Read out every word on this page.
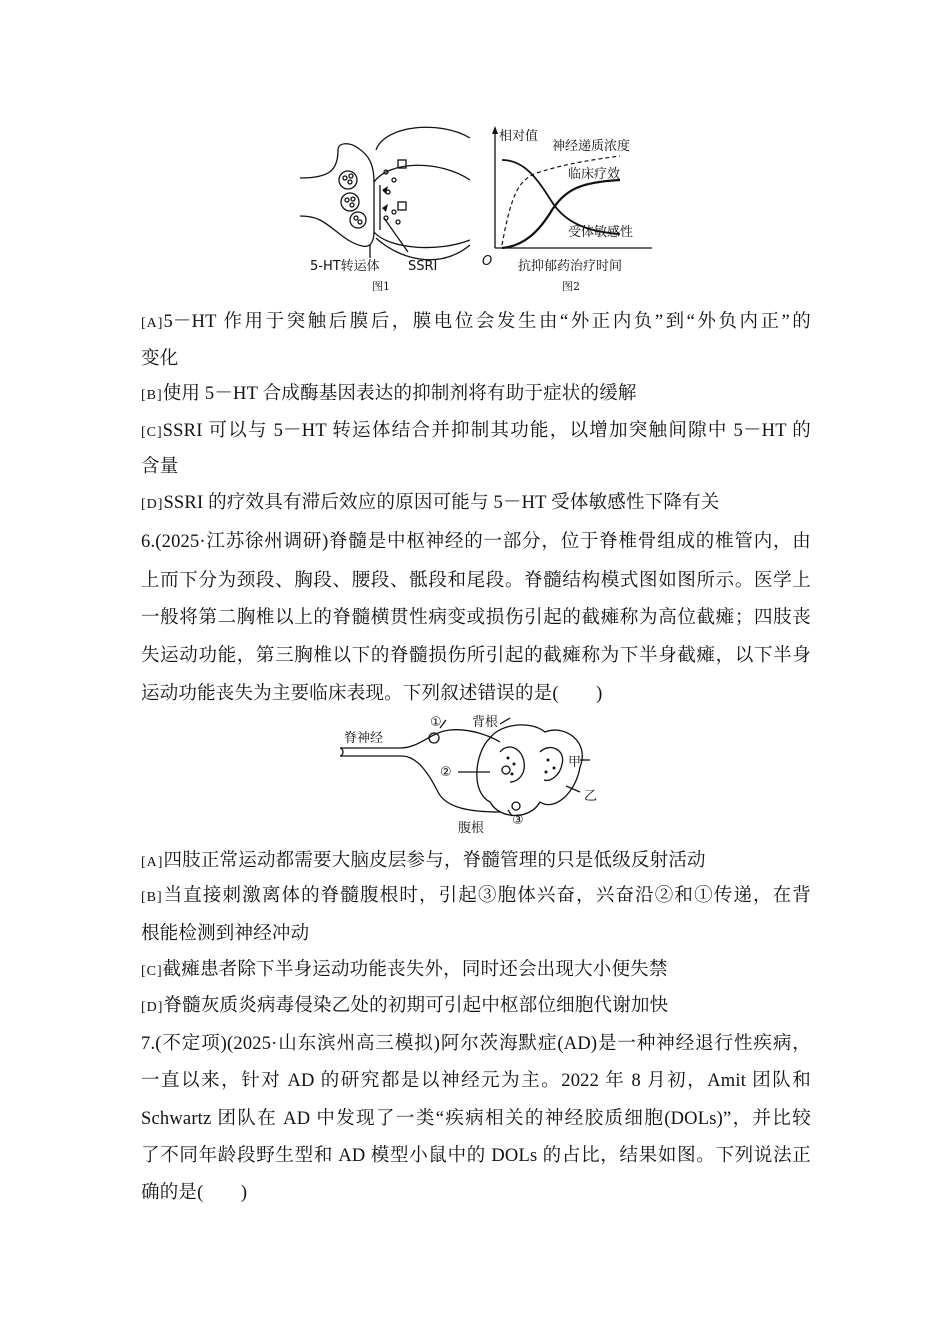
5-HT转运体 SSRI
图1
相对值
O 抗抑郁药治疗时间
神经递质浓度
临床疗效
受体敏感性
图2
[A]5－HT 作用于突触后膜后，膜电位会发生由“外正内负”到“外负内正”的
变化
[B]使用 5－HT 合成酶基因表达的抑制剂将有助于症状的缓解
[C]SSRI 可以与 5－HT 转运体结合并抑制其功能，以增加突触间隙中 5－HT 的
含量
[D]SSRI 的疗效具有滞后效应的原因可能与 5－HT 受体敏感性下降有关
6.(2025·江苏徐州调研)脊髓是中枢神经的一部分，位于脊椎骨组成的椎管内，由
上而下分为颈段、胸段、腰段、骶段和尾段。脊髓结构模式图如图所示。医学上
一般将第二胸椎以上的脊髓横贯性病变或损伤引起的截瘫称为高位截瘫；四肢丧
失运动功能，第三胸椎以下的脊髓损伤所引起的截瘫称为下半身截瘫，以下半身
运动功能丧失为主要临床表现。下列叙述错误的是(　　)
脊神经
① 背根
②
甲
乙
腹根
③
[A]四肢正常运动都需要大脑皮层参与，脊髓管理的只是低级反射活动
[B]当直接刺激离体的脊髓腹根时，引起③胞体兴奋，兴奋沿②和①传递，在背
根能检测到神经冲动
[C]截瘫患者除下半身运动功能丧失外，同时还会出现大小便失禁
[D]脊髓灰质炎病毒侵染乙处的初期可引起中枢部位细胞代谢加快
7.(不定项)(2025·山东滨州高三模拟)阿尔茨海默症(AD)是一种神经退行性疾病，
一直以来，针对 AD 的研究都是以神经元为主。2022 年 8 月初，Amit 团队和
Schwartz 团队在 AD 中发现了一类“疾病相关的神经胶质细胞(DOLs)”，并比较
了不同年龄段野生型和 AD 模型小鼠中的 DOLs 的占比，结果如图。下列说法正
确的是(　　)
